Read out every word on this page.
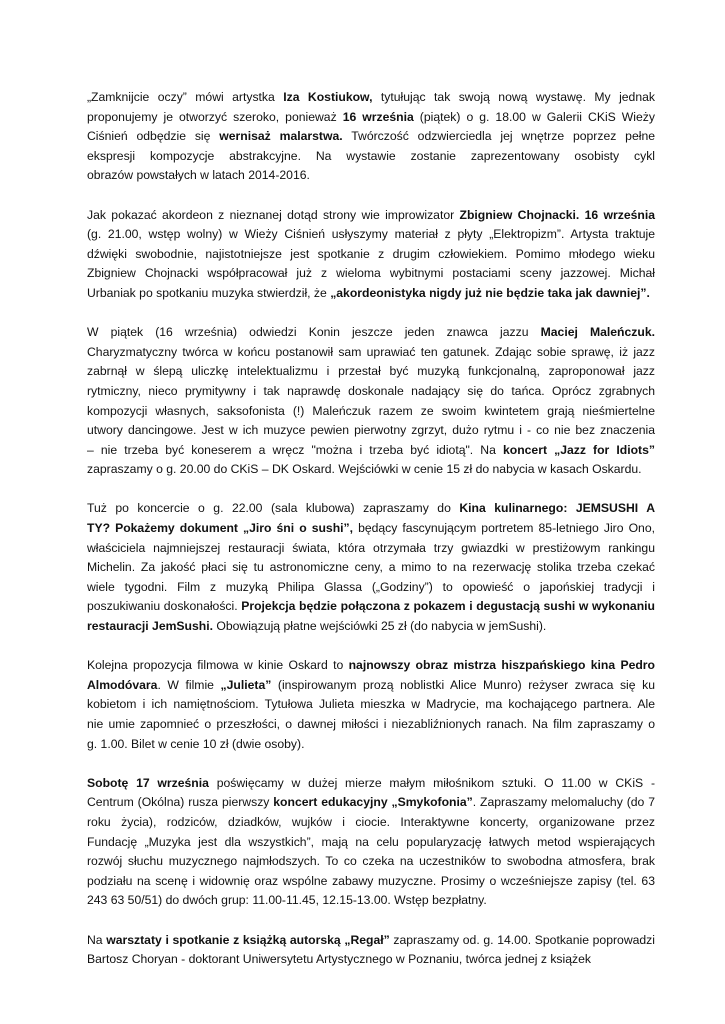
„Zamknijcie oczy” mówi artystka Iza Kostiukow, tytułując tak swoją nową wystawę. My jednak
proponujemy je otworzyć szeroko, ponieważ 16 września (piątek) o g. 18.00 w Galerii CKiS Wieży
Ciśnień odbędzie się wernisaż malarstwa. Twórczość odzwierciedla jej wnętrze poprzez pełne
ekspresji kompozycje abstrakcyjne. Na wystawie zostanie zaprezentowany osobisty cykl
obrazów powstałych w latach 2014-2016.

Jak pokazać akordeon z nieznanej dotąd strony wie improwizator Zbigniew Chojnacki. 16 września
(g. 21.00, wstęp wolny) w Wieży Ciśnień usłyszymy materiał z płyty „Elektropizm”. Artysta traktuje
dźwięki swobodnie, najistotniejsze jest spotkanie z drugim człowiekiem. Pomimo młodego wieku
Zbigniew Chojnacki współpracował już z wieloma wybitnymi postaciami sceny jazzowej. Michał
Urbaniak po spotkaniu muzyka stwierdził, że „akordeonistyka nigdy już nie będzie taka jak dawniej”.

W piątek (16 września) odwiedzi Konin jeszcze jeden znawca jazzu Maciej Maleńczuk.
Charyzmatyczny twórca w końcu postanowił sam uprawiać ten gatunek. Zdając sobie sprawę, iż jazz
zabrnął w ślepą uliczkę intelektualizmu i przestał być muzyką funkcjonalną, zaproponował jazz
rytmiczny, nieco prymitywny i tak naprawdę doskonale nadający się do tańca. Oprócz zgrabnych
kompozycji własnych, saksofonista (!) Maleńczuk razem ze swoim kwintetem grają nieśmiertelne
utwory dancingowe. Jest w ich muzyce pewien pierwotny zgrzyt, dużo rytmu i - co nie bez znaczenia
– nie trzeba być koneserem a wręcz "można i trzeba być idiotą". Na koncert „Jazz for Idiots”
zapraszamy o g. 20.00 do CKiS – DK Oskard. Wejściówki w cenie 15 zł do nabycia w kasach Oskardu.

Tuż po koncercie o g. 22.00 (sala klubowa) zapraszamy do Kina kulinarnego: JEMSUSHI A
TY? Pokażemy dokument „Jiro śni o sushi”, będący fascynującym portretem 85-letniego Jiro Ono,
właściciela najmniejszej restauracji świata, która otrzymała trzy gwiazdki w prestiżowym rankingu
Michelin. Za jakość płaci się tu astronomiczne ceny, a mimo to na rezerwację stolika trzeba czekać
wiele tygodni. Film z muzyką Philipa Glassa („Godziny”) to opowieść o japońskiej tradycji i
poszukiwaniu doskonałości. Projekcja będzie połączona z pokazem i degustacją sushi w wykonaniu
restauracji JemSushi. Obowiązują płatne wejściówki 25 zł (do nabycia w jemSushi).

Kolejna propozycja filmowa w kinie Oskard to najnowszy obraz mistrza hiszpańskiego kina Pedro
Almodóvara. W filmie „Julieta” (inspirowanym prozą noblistki Alice Munro) reżyser zwraca się ku
kobietom i ich namiętnościom. Tytułowa Julieta mieszka w Madrycie, ma kochającego partnera. Ale
nie umie zapomnieć o przeszłości, o dawnej miłości i niezabliźnionych ranach. Na film zapraszamy o
g. 1.00. Bilet w cenie 10 zł (dwie osoby).

Sobotę 17 września poświęcamy w dużej mierze małym miłośnikom sztuki. O 11.00 w CKiS -
Centrum (Okólna) rusza pierwszy koncert edukacyjny „Smykofonia”. Zapraszamy melomaluchy (do 7
roku życia), rodziców, dziadków, wujków i ciocie. Interaktywne koncerty, organizowane przez
Fundację „Muzyka jest dla wszystkich”, mają na celu popularyzację łatwych metod wspierających
rozwój słuchu muzycznego najmłodszych. To co czeka na uczestników to swobodna atmosfera, brak
podziału na scenę i widownię oraz wspólne zabawy muzyczne. Prosimy o wcześniejsze zapisy (tel. 63
243 63 50/51) do dwóch grup: 11.00-11.45, 12.15-13.00. Wstęp bezpłatny.

Na warsztaty i spotkanie z książką autorską „Regał” zapraszamy od. g. 14.00. Spotkanie poprowadzi
Bartosz Choryan - doktorant Uniwersytetu Artystycznego w Poznaniu, twórca jednej z książek
